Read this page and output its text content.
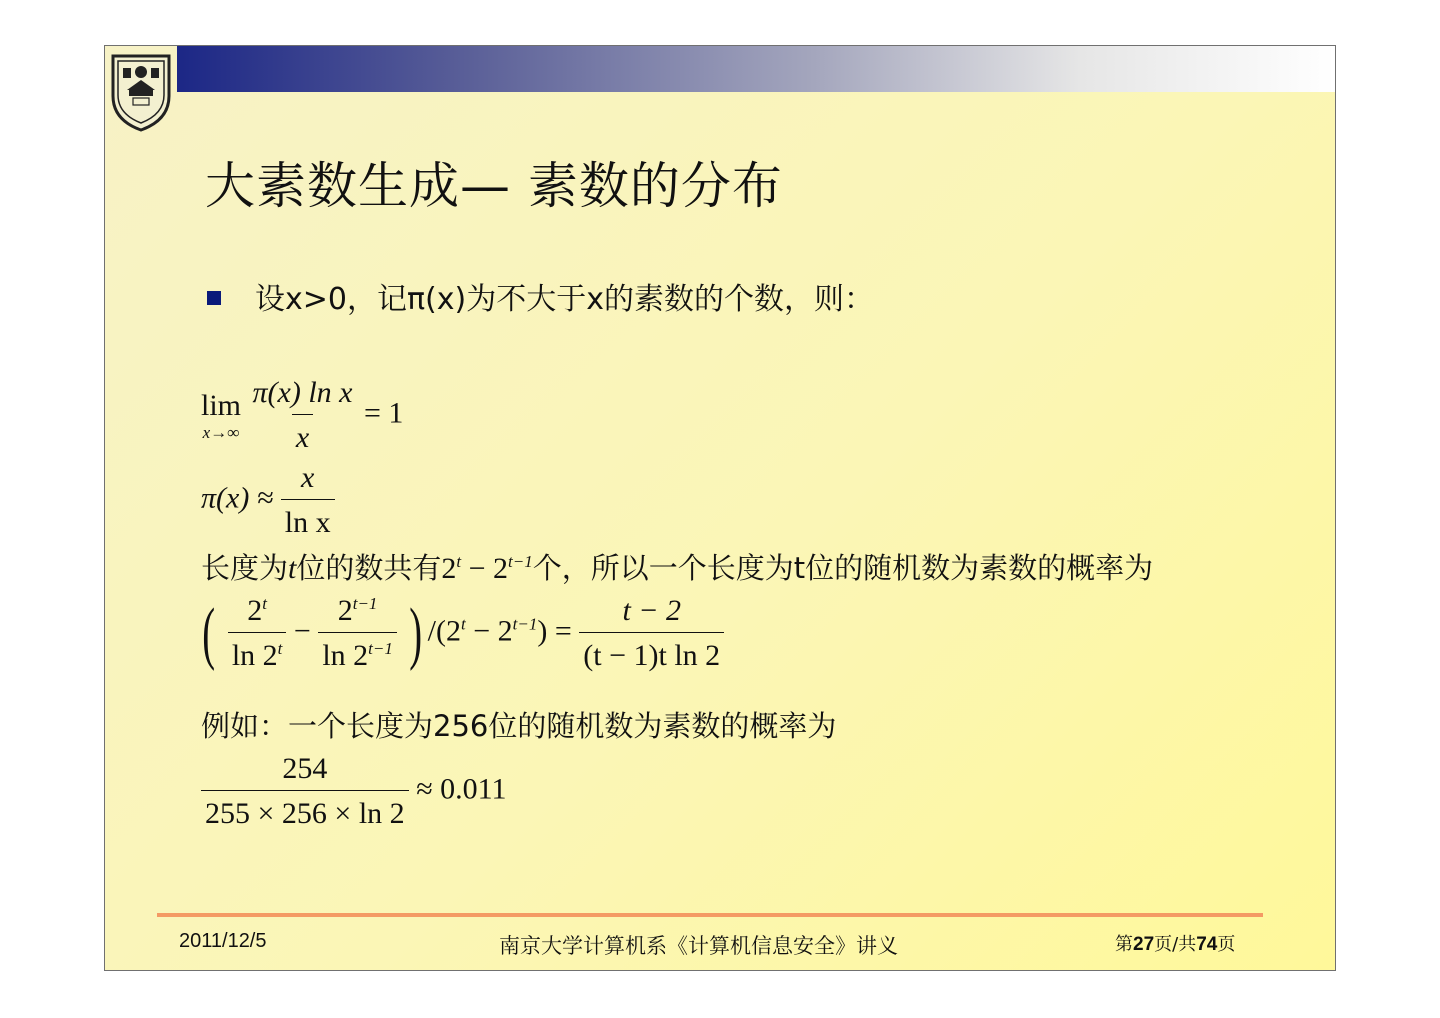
大素数生成— 素数的分布
设x>0，记π(x)为不大于x的素数的个数，则：
lim
x→∞
$\frac{\text{π(x) ln x}}{x} = 1$
$\pi(x) \approx \frac{x}{\text{ln x}}$
长度为t位的数共有$2^t - 2^{t-1}$个，所以一个长度为t位的随机数为素数的概率为
( $\frac{2^t}{\ln 2^t} - \frac{2^{t-1}}{\ln 2^{t-1}}$ ) $/(2^t - 2^{t-1}) = \frac{t - 2}{\text{(t − 1)t ln 2}}$
例如：一个长度为256位的随机数为素数的概率为
$\frac{254}{255 \times 256 \times \ln 2} \approx 0.011$
2011/12/5	南京大学计算机系《计算机信息安全》讲义	第27页/共74页
